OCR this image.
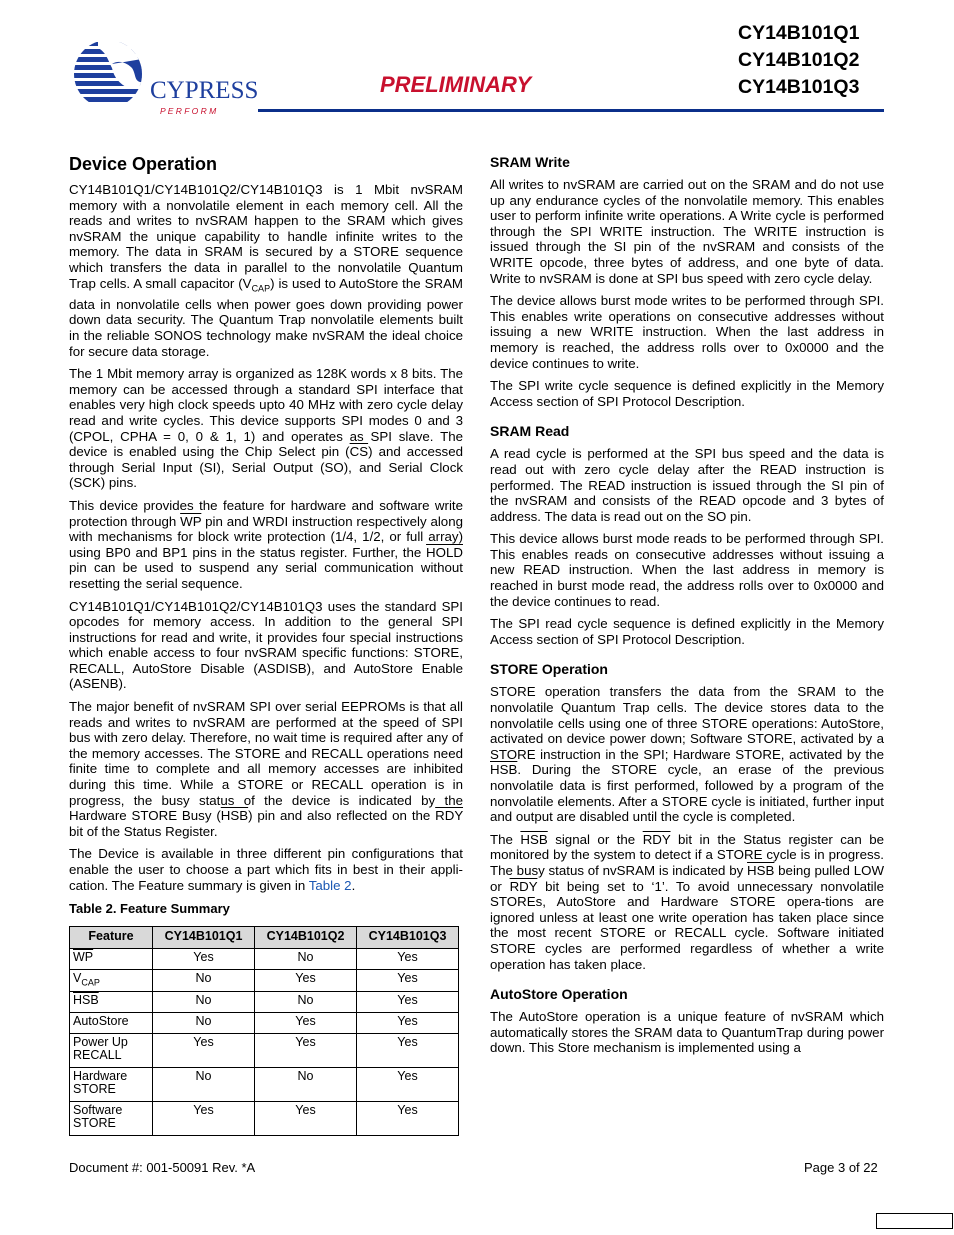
CYPRESS
P E R F O R M
PRELIMINARY
CY14B101Q1
CY14B101Q2
CY14B101Q3
Device Operation

CY14B101Q1/CY14B101Q2/CY14B101Q3 is 1 Mbit nvSRAM memory with a nonvolatile element in each memory cell. All the reads and writes to nvSRAM happen to the SRAM which gives nvSRAM the unique capability to handle infinite writes to the memory. The data in SRAM is secured by a STORE sequence which transfers the data in parallel to the nonvolatile Quantum Trap cells. A small capacitor $(V_{CAP})$ is used to AutoStore the SRAM data in nonvolatile cells when power goes down providing power down data security. The Quantum Trap nonvolatile elements built in the reliable SONOS technology make nvSRAM the ideal choice for secure data storage.

The 1 Mbit memory array is organized as 128K words x 8 bits. The memory can be accessed through a standard SPI interface that enables very high clock speeds upto 40 MHz with zero cycle delay read and write cycles. This device supports SPI modes 0 and 3 (CPOL, CPHA = 0, 0 & 1, 1) and operates as SPI slave. The device is enabled using the Chip Select pin $(\overline{CS})$ and accessed through Serial Input (SI), Serial Output (SO), and Serial Clock (SCK) pins.

This device provides the feature for hardware and software write protection through $\overline{WP}$ pin and WRDI instruction respectively along with mechanisms for block write protection (1/4, 1/2, or full array) using BP0 and BP1 pins in the status register. Further, the HOLD pin can be used to suspend any serial communication without resetting the serial sequence.

CY14B101Q1/CY14B101Q2/CY14B101Q3 uses the standard SPI opcodes for memory access. In addition to the general SPI instructions for read and write, it provides four special instructions which enable access to four nvSRAM specific functions: STORE, RECALL, AutoStore Disable (ASDISB), and AutoStore Enable (ASENB).

The major benefit of nvSRAM SPI over serial EEPROMs is that all reads and writes to nvSRAM are performed at the speed of SPI bus with zero delay. Therefore, no wait time is required after any of the memory accesses. The STORE and RECALL operations need finite time to complete and all memory accesses are inhibited during this time. While a STORE or RECALL operation is in progress, the busy status of the device is indicated by the Hardware STORE Busy $(\overline{HSB})$ pin and also reflected on the $\overline{RDY}$ bit of the Status Register.

The Device is available in three different pin configurations that enable the user to choose a part which fits in best in their appli-cation. The Feature summary is given in Table 2.

Table 2. Feature Summary
Feature	CY14B101Q1	CY14B101Q2	CY14B101Q3
$\overline{WP}$	Yes	No	Yes
$V_{CAP}$	No	Yes	Yes
$\overline{HSB}$	No	No	Yes
AutoStore	No	Yes	Yes
Power Up RECALL	Yes	Yes	Yes
Hardware STORE	No	No	Yes
Software STORE	Yes	Yes	Yes
SRAM Write

All writes to nvSRAM are carried out on the SRAM and do not use up any endurance cycles of the nonvolatile memory. This enables user to perform infinite write operations. A Write cycle is performed through the SPI WRITE instruction. The WRITE instruction is issued through the SI pin of the nvSRAM and consists of the WRITE opcode, three bytes of address, and one byte of data. Write to nvSRAM is done at SPI bus speed with zero cycle delay.

The device allows burst mode writes to be performed through SPI. This enables write operations on consecutive addresses without issuing a new WRITE instruction. When the last address in memory is reached, the address rolls over to 0x0000 and the device continues to write.

The SPI write cycle sequence is defined explicitly in the Memory Access section of SPI Protocol Description.

SRAM Read

A read cycle is performed at the SPI bus speed and the data is read out with zero cycle delay after the READ instruction is performed. The READ instruction is issued through the SI pin of the nvSRAM and consists of the READ opcode and 3 bytes of address. The data is read out on the SO pin.

This device allows burst mode reads to be performed through SPI. This enables reads on consecutive addresses without issuing a new READ instruction. When the last address in memory is reached in burst mode read, the address rolls over to 0x0000 and the device continues to read.

The SPI read cycle sequence is defined explicitly in the Memory Access section of SPI Protocol Description.

STORE Operation

STORE operation transfers the data from the SRAM to the nonvolatile Quantum Trap cells. The device stores data to the nonvolatile cells using one of three STORE operations: AutoStore, activated on device power down; Software STORE, activated by a STORE instruction in the SPI; Hardware STORE, activated by the $\overline{HSB}$. During the STORE cycle, an erase of the previous nonvolatile data is first performed, followed by a program of the nonvolatile elements. After a STORE cycle is initiated, further input and output are disabled until the cycle is completed.

The $\overline{HSB}$ signal or the $\overline{RDY}$ bit in the Status register can be monitored by the system to detect if a STORE cycle is in progress. The busy status of nvSRAM is indicated by $\overline{HSB}$ being pulled LOW or $\overline{RDY}$ bit being set to ‘1’. To avoid unnecessary nonvolatile STOREs, AutoStore and Hardware STORE opera-tions are ignored unless at least one write operation has taken place since the most recent STORE or RECALL cycle. Software initiated STORE cycles are performed regardless of whether a write operation has taken place.

AutoStore Operation

The AutoStore operation is a unique feature of nvSRAM which automatically stores the SRAM data to QuantumTrap during power down. This Store mechanism is implemented using a

Document #: 001-50091 Rev. *A	Page 3 of 22
